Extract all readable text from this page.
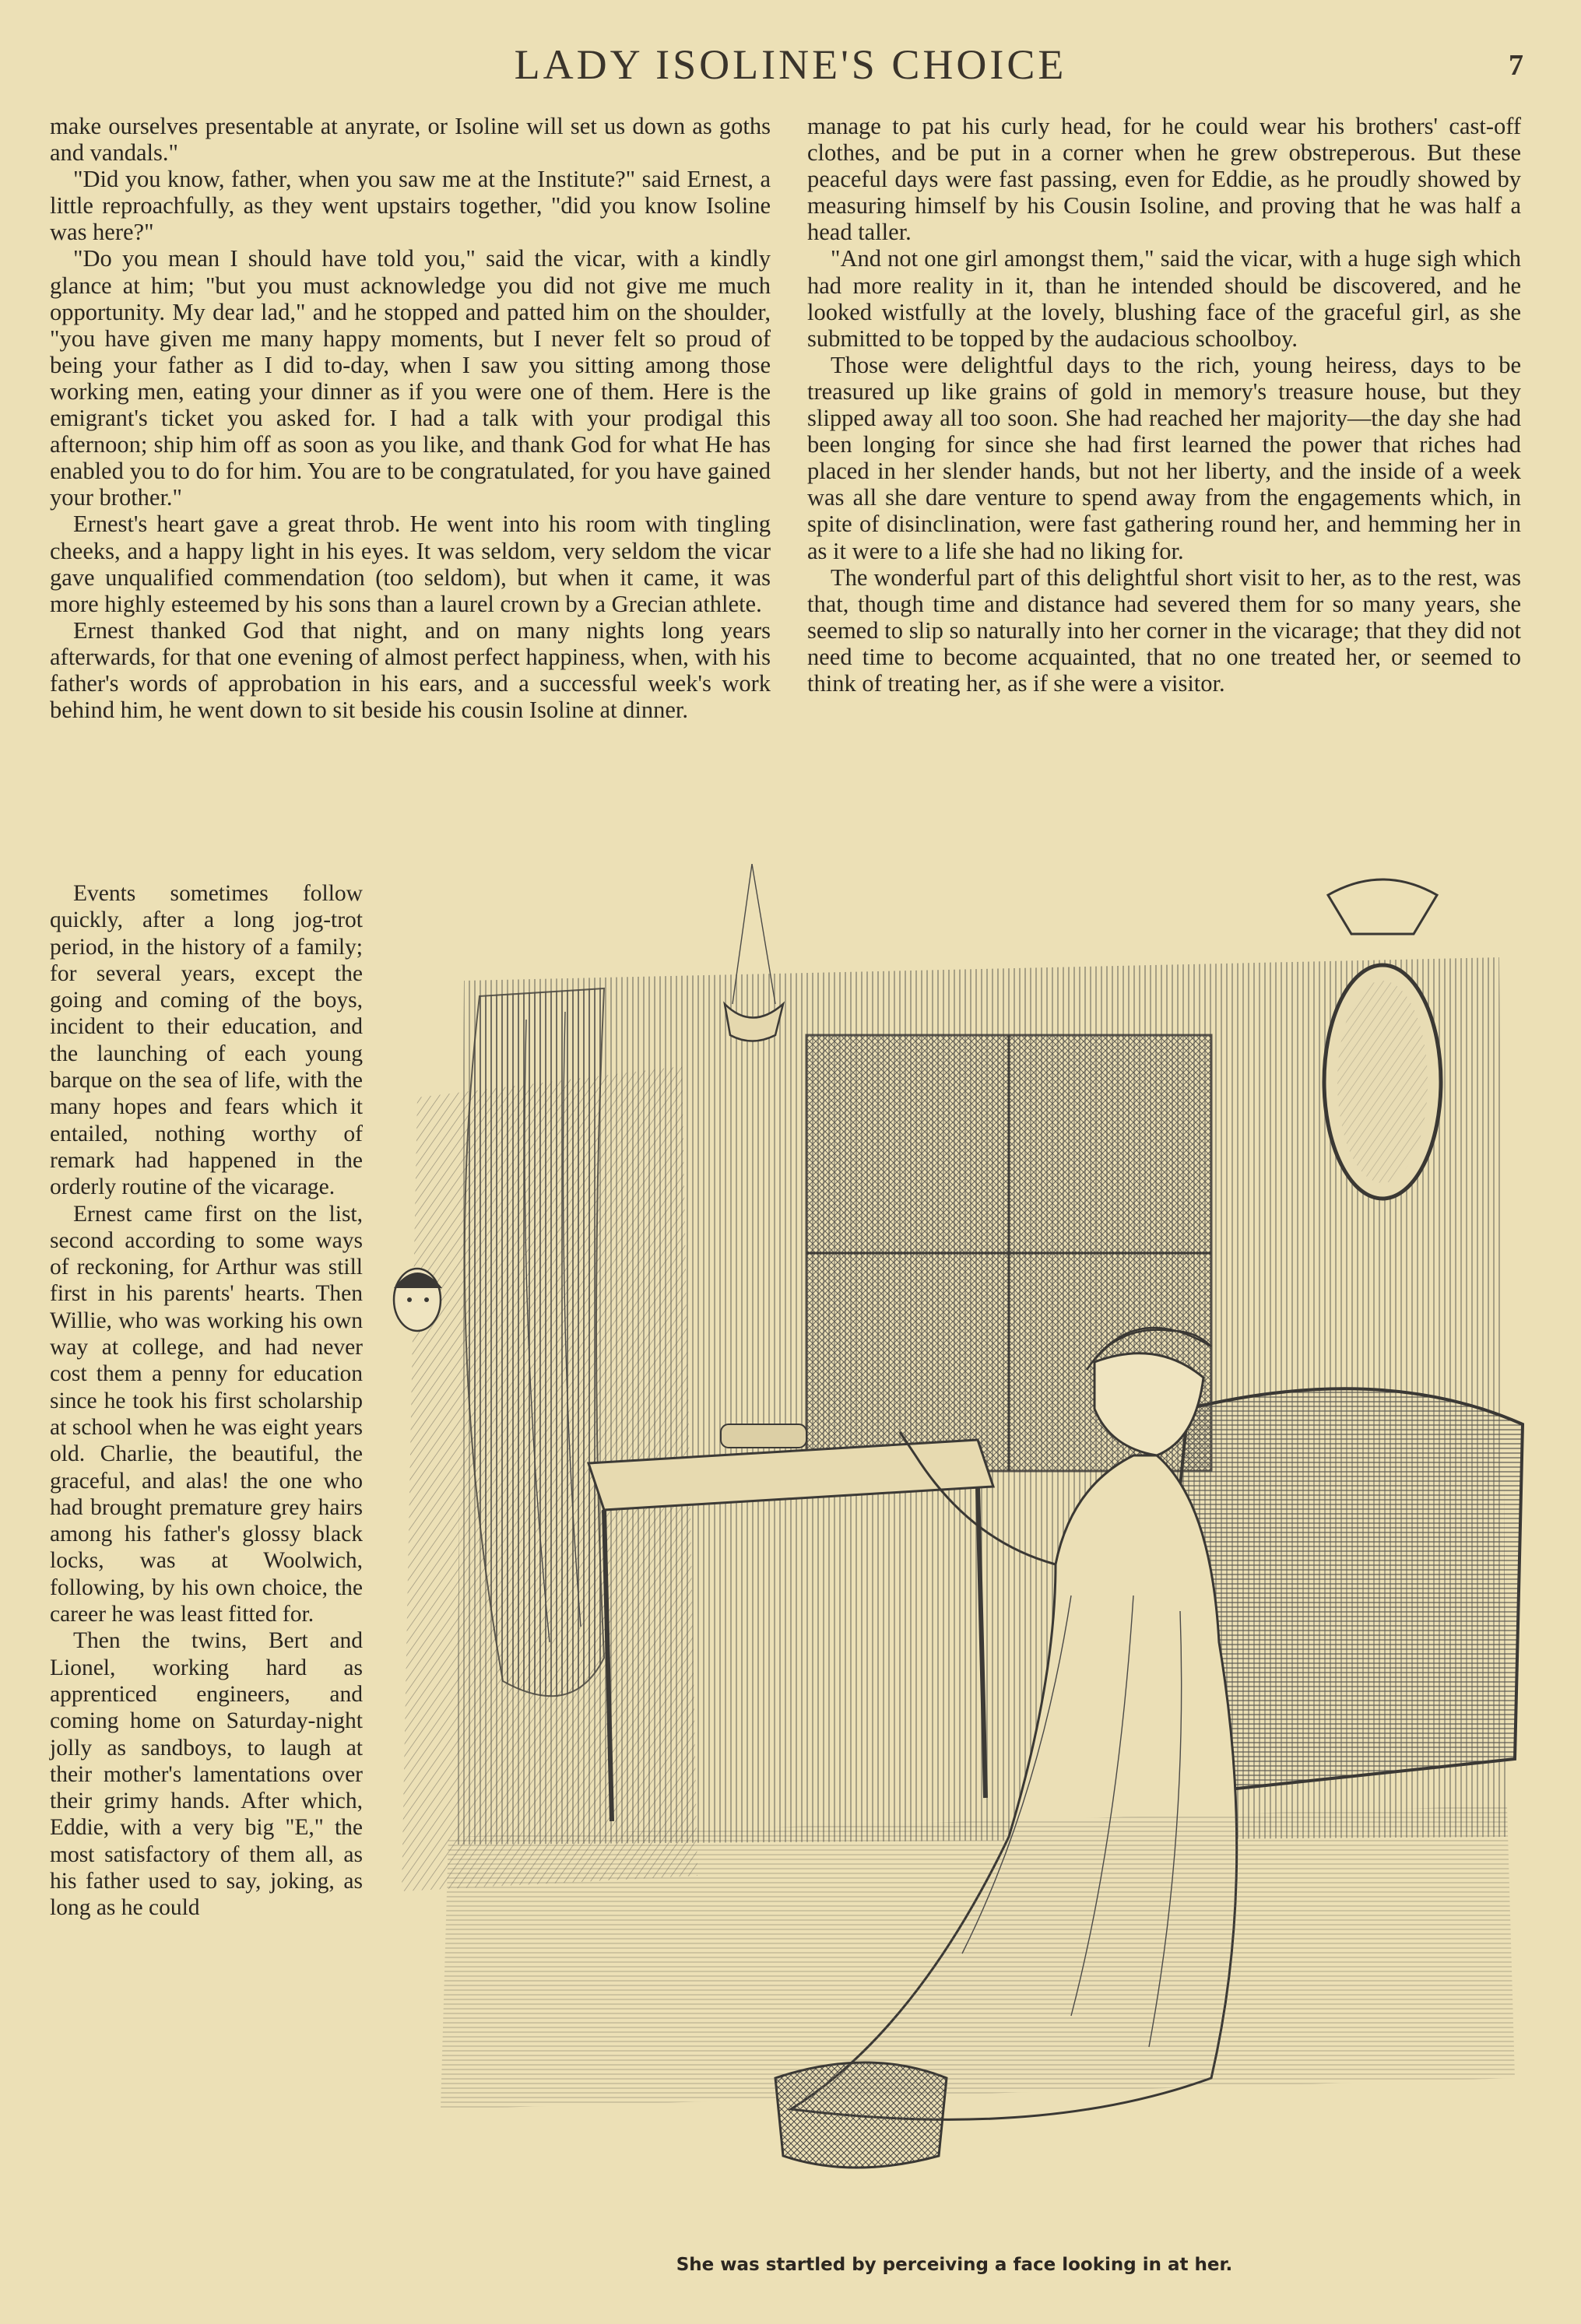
LADY ISOLINE'S CHOICE	7

make ourselves presentable at anyrate, or Isoline will set us down as goths and vandals."

"Did you know, father, when you saw me at the Institute?" said Ernest, a little reproachfully, as they went upstairs together, "did you know Isoline was here?"

"Do you mean I should have told you," said the vicar, with a kindly glance at him; "but you must acknowledge you did not give me much opportunity. My dear lad," and he stopped and patted him on the shoulder, "you have given me many happy moments, but I never felt so proud of being your father as I did to-day, when I saw you sitting among those working men, eating your dinner as if you were one of them. Here is the emigrant's ticket you asked for. I had a talk with your prodigal this afternoon; ship him off as soon as you like, and thank God for what He has enabled you to do for him. You are to be congratulated, for you have gained your brother."

Ernest's heart gave a great throb. He went into his room with tingling cheeks, and a happy light in his eyes. It was seldom, very seldom the vicar gave unqualified commendation (too seldom), but when it came, it was more highly esteemed by his sons than a laurel crown by a Grecian athlete.

Ernest thanked God that night, and on many nights long years afterwards, for that one evening of almost perfect happiness, when, with his father's words of approbation in his ears, and a successful week's work behind him, he went down to sit beside his cousin Isoline at dinner.

Events sometimes follow quickly, after a long jog-trot period, in the history of a family; for several years, except the going and coming of the boys, incident to their education, and the launching of each young barque on the sea of life, with the many hopes and fears which it entailed, nothing worthy of remark had happened in the orderly routine of the vicarage.

Ernest came first on the list, second according to some ways of reckoning, for Arthur was still first in his parents' hearts. Then Willie, who was working his own way at college, and had never cost them a penny for education since he took his first scholarship at school when he was eight years old. Charlie, the beautiful, the graceful, and alas! the one who had brought premature grey hairs among his father's glossy black locks, was at Woolwich, following, by his own choice, the career he was least fitted for.

Then the twins, Bert and Lionel, working hard as apprenticed engineers, and coming home on Saturday-night jolly as sandboys, to laugh at their mother's lamentations over their grimy hands. After which, Eddie, with a very big "E," the most satisfactory of them all, as his father used to say, joking, as long as he could

manage to pat his curly head, for he could wear his brothers' cast-off clothes, and be put in a corner when he grew obstreperous. But these peaceful days were fast passing, even for Eddie, as he proudly showed by measuring himself by his Cousin Isoline, and proving that he was half a head taller.

"And not one girl amongst them," said the vicar, with a huge sigh which had more reality in it, than he intended should be discovered, and he looked wistfully at the lovely, blushing face of the graceful girl, as she submitted to be topped by the audacious schoolboy.

Those were delightful days to the rich, young heiress, days to be treasured up like grains of gold in memory's treasure house, but they slipped away all too soon. She had reached her majority—the day she had been longing for since she had first learned the power that riches had placed in her slender hands, but not her liberty, and the inside of a week was all she dare venture to spend away from the engagements which, in spite of disinclination, were fast gathering round her, and hemming her in as it were to a life she had no liking for.

The wonderful part of this delightful short visit to her, as to the rest, was that, though time and distance had severed them for so many years, she seemed to slip so naturally into her corner in the vicarage; that they did not need time to become acquainted, that no one treated her, or seemed to think of treating her, as if she were a visitor.

She was startled by perceiving a face looking in at her.
